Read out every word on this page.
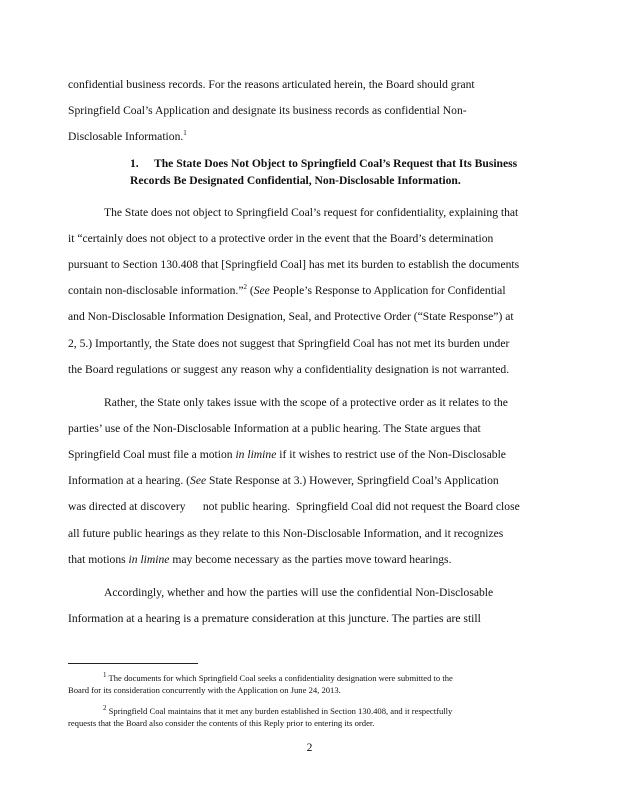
confidential business records. For the reasons articulated herein, the Board should grant
Springfield Coal’s Application and designate its business records as confidential Non-
Disclosable Information.$^1$
1. The State Does Not Object to Springfield Coal’s Request that Its Business
Records Be Designated Confidential, Non-Disclosable Information.
The State does not object to Springfield Coal’s request for confidentiality, explaining that
it “certainly does not object to a protective order in the event that the Board’s determination
pursuant to Section 130.408 that [Springfield Coal] has met its burden to establish the documents
contain non-disclosable information.”$^2$ (See People’s Response to Application for Confidential
and Non-Disclosable Information Designation, Seal, and Protective Order (“State Response”) at
2, 5.) Importantly, the State does not suggest that Springfield Coal has not met its burden under
the Board regulations or suggest any reason why a confidentiality designation is not warranted.
Rather, the State only takes issue with the scope of a protective order as it relates to the
parties’ use of the Non-Disclosable Information at a public hearing. The State argues that
Springfield Coal must file a motion in limine if it wishes to restrict use of the Non-Disclosable
Information at a hearing. (See State Response at 3.) However, Springfield Coal’s Application
was directed at discovery      not public hearing.  Springfield Coal did not request the Board close
all future public hearings as they relate to this Non-Disclosable Information, and it recognizes
that motions in limine may become necessary as the parties move toward hearings.
Accordingly, whether and how the parties will use the confidential Non-Disclosable
Information at a hearing is a premature consideration at this juncture. The parties are still
$^1$ The documents for which Springfield Coal seeks a confidentiality designation were submitted to the
Board for its consideration concurrently with the Application on June 24, 2013.
$^2$ Springfield Coal maintains that it met any burden established in Section 130.408, and it respectfully
requests that the Board also consider the contents of this Reply prior to entering its order.
2
